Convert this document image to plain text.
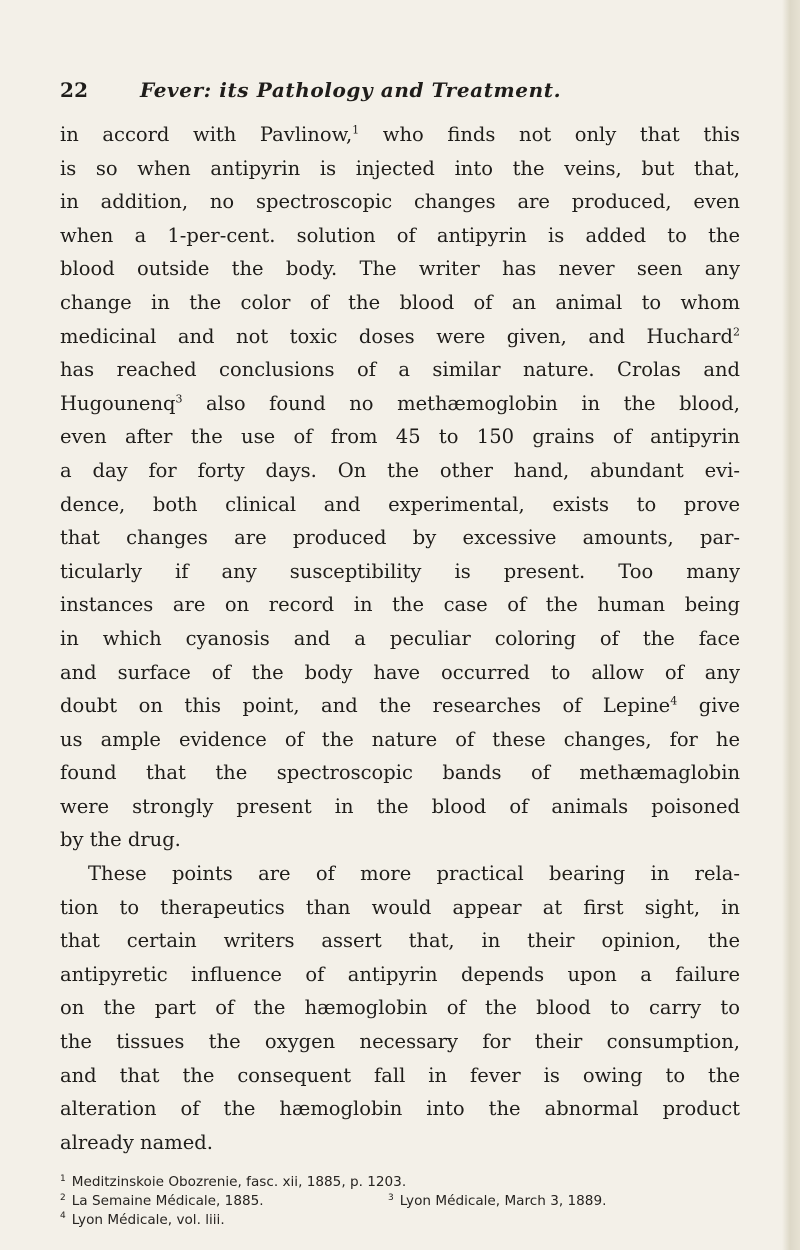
22	Fever: its Pathology and Treatment.
in accord with Pavlinow,$^1$ who finds not only that this
is so when antipyrin is injected into the veins, but that,
in addition, no spectroscopic changes are produced, even
when a 1-per-cent. solution of antipyrin is added to the
blood outside the body. The writer has never seen any
change in the color of the blood of an animal to whom
medicinal and not toxic doses were given, and Huchard$^2$
has reached conclusions of a similar nature. Crolas and
Hugounenq$^3$ also found no methæmoglobin in the blood,
even after the use of from 45 to 150 grains of antipyrin
a day for forty days. On the other hand, abundant evi-
dence, both clinical and experimental, exists to prove
that changes are produced by excessive amounts, par-
ticularly if any susceptibility is present. Too many
instances are on record in the case of the human being
in which cyanosis and a peculiar coloring of the face
and surface of the body have occurred to allow of any
doubt on this point, and the researches of Lepine$^4$ give
us ample evidence of the nature of these changes, for he
found that the spectroscopic bands of methæmaglobin
were strongly present in the blood of animals poisoned
by the drug.
These points are of more practical bearing in rela-
tion to therapeutics than would appear at first sight, in
that certain writers assert that, in their opinion, the
antipyretic influence of antipyrin depends upon a failure
on the part of the hæmoglobin of the blood to carry to
the tissues the oxygen necessary for their consumption,
and that the consequent fall in fever is owing to the
alteration of the hæmoglobin into the abnormal product
already named.
$^1$ Meditzinskoie Obozrenie, fasc. xii, 1885, p. 1203.
$^2$ La Semaine Médicale, 1885.	$^3$ Lyon Médicale, March 3, 1889.
$^4$ Lyon Médicale, vol. liii.
